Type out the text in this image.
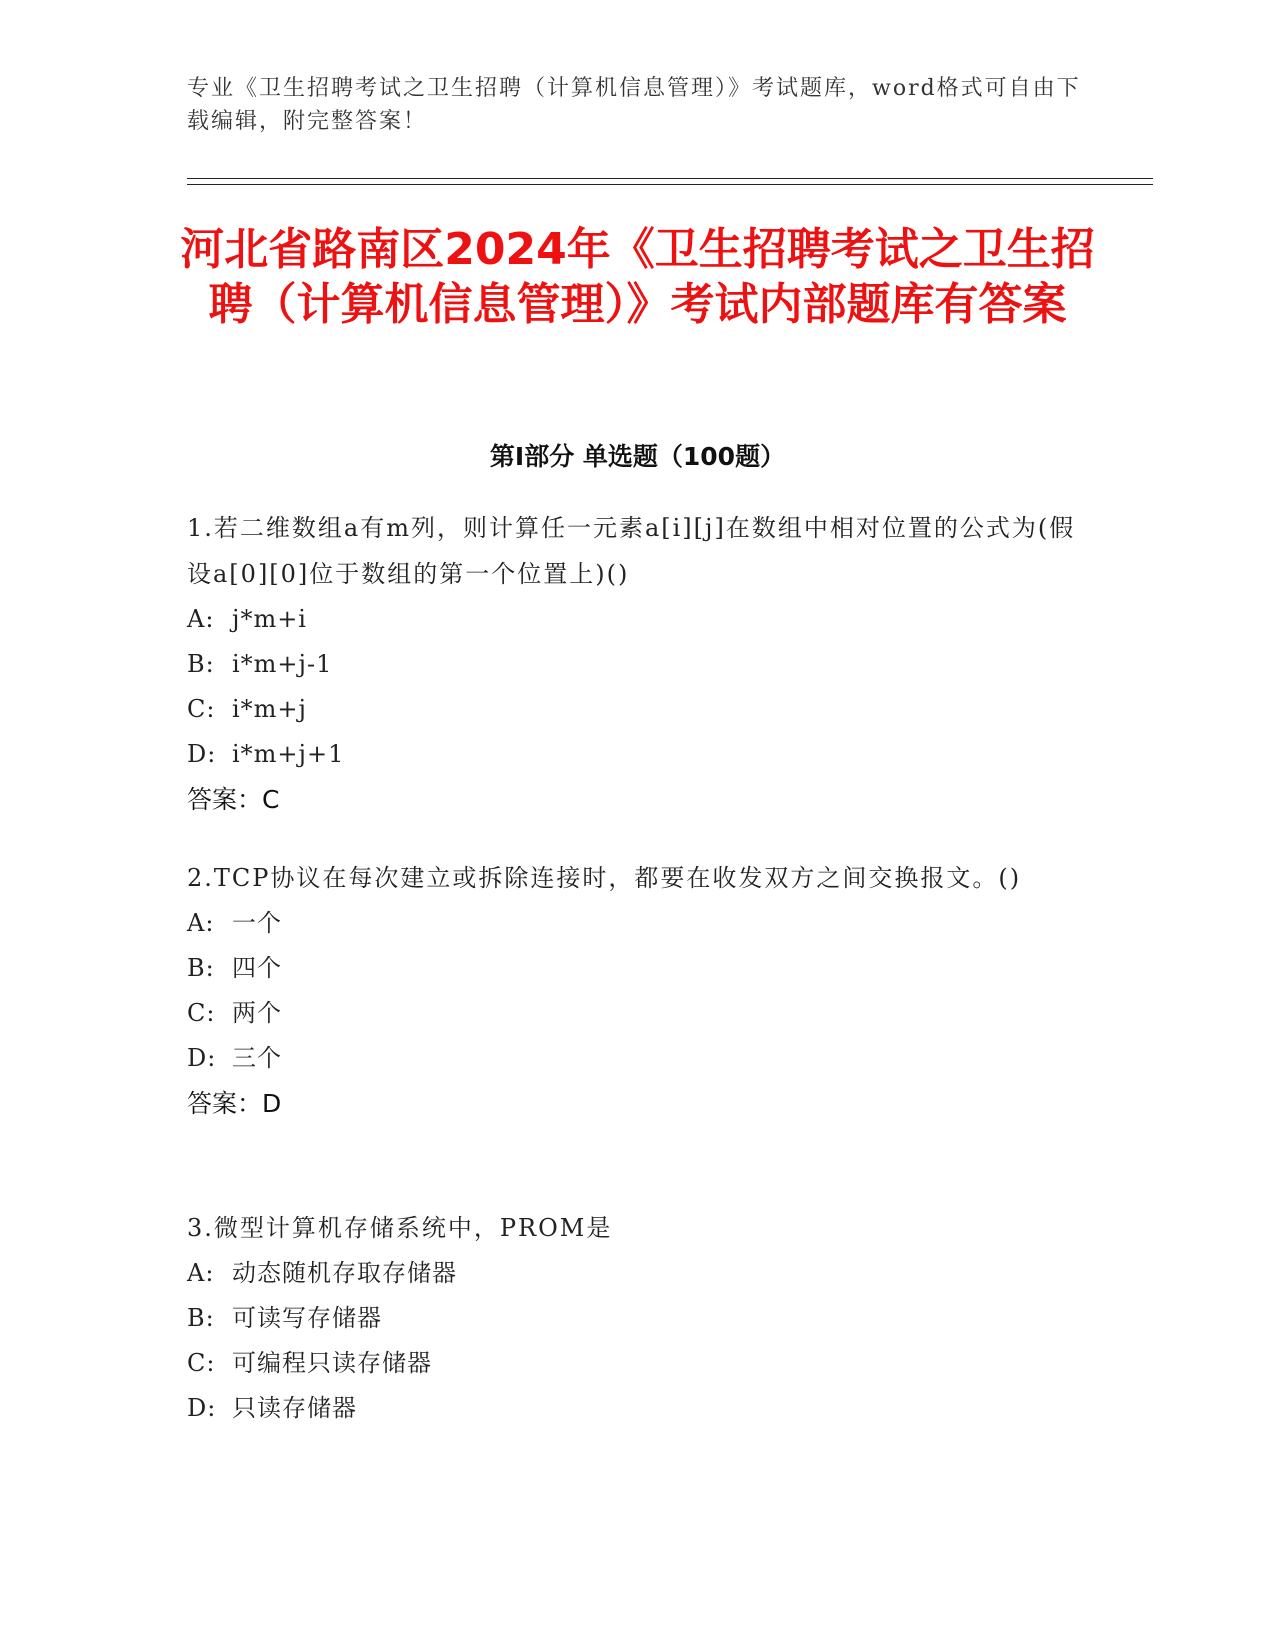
专业《卫生招聘考试之卫生招聘（计算机信息管理）》考试题库，word格式可自由下载编辑，附完整答案！
河北省路南区2024年《卫生招聘考试之卫生招聘（计算机信息管理）》考试内部题库有答案
第Ⅰ部分 单选题（100题）

1.若二维数组a有m列，则计算任一元素a[i][j]在数组中相对位置的公式为(假设a[0][0]位于数组的第一个位置上)()

A: j*m+i

B: i*m+j-1

C: i*m+j

D: i*m+j+1

答案：C

2.TCP协议在每次建立或拆除连接时，都要在收发双方之间交换报文。()

A: 一个

B: 四个

C: 两个

D: 三个

答案：D

3.微型计算机存储系统中，PROM是

A: 动态随机存取存储器

B: 可读写存储器

C: 可编程只读存储器

D: 只读存储器
